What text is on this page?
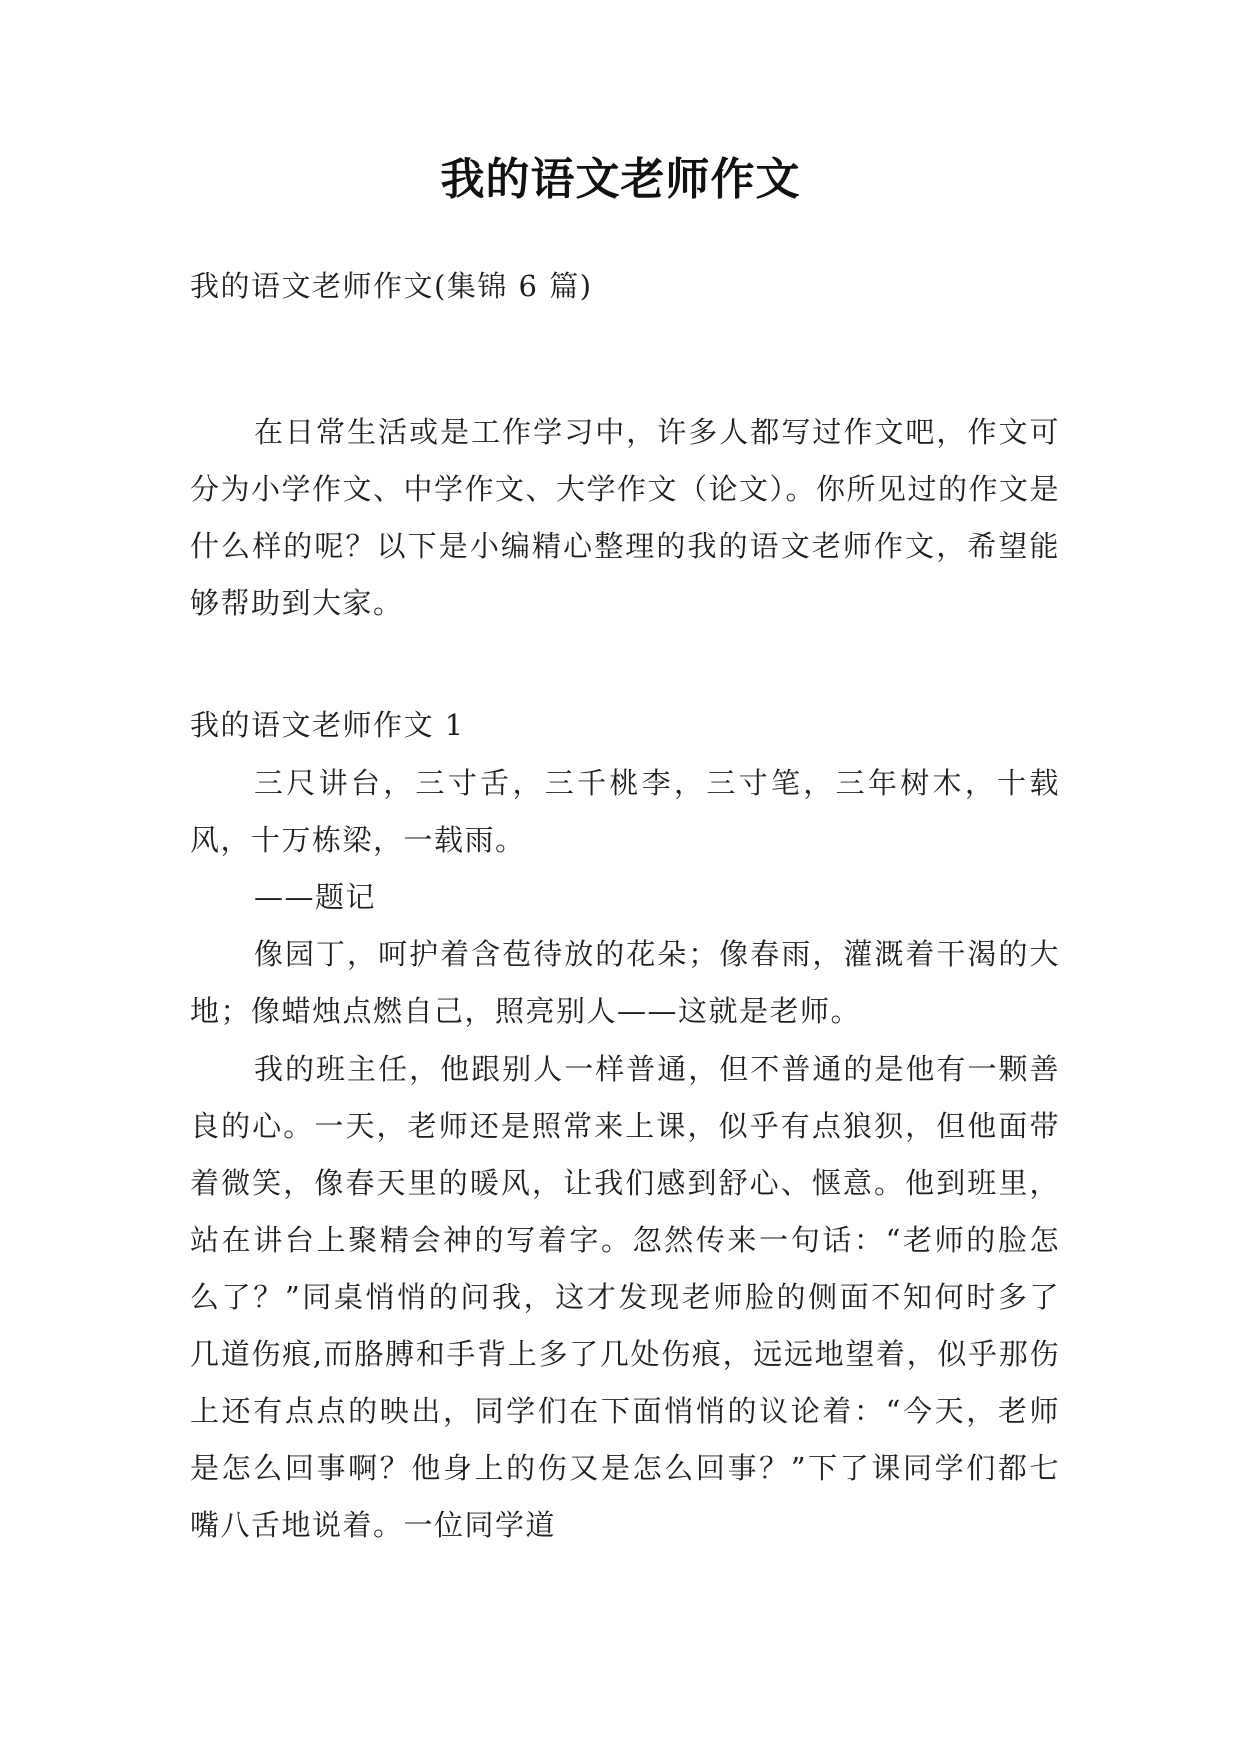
我的语文老师作文

我的语文老师作文(集锦 6 篇)

在日常生活或是工作学习中，许多人都写过作文吧，作文可分为小学作文、中学作文、大学作文（论文）。你所见过的作文是什么样的呢？以下是小编精心整理的我的语文老师作文，希望能够帮助到大家。

我的语文老师作文 1

三尺讲台，三寸舌，三千桃李，三寸笔，三年树木，十载风，十万栋梁，一载雨。

——题记

像园丁，呵护着含苞待放的花朵；像春雨，灌溉着干渴的大地；像蜡烛点燃自己，照亮别人——这就是老师。

我的班主任，他跟别人一样普通，但不普通的是他有一颗善良的心。一天，老师还是照常来上课，似乎有点狼狈，但他面带着微笑，像春天里的暖风，让我们感到舒心、惬意。他到班里，站在讲台上聚精会神的写着字。忽然传来一句话：“老师的脸怎么了？”同桌悄悄的问我，这才发现老师脸的侧面不知何时多了几道伤痕,而胳膊和手背上多了几处伤痕，远远地望着，似乎那伤上还有点点的映出，同学们在下面悄悄的议论着：“今天，老师是怎么回事啊？他身上的伤又是怎么回事？”下了课同学们都七嘴八舌地说着。一位同学道
